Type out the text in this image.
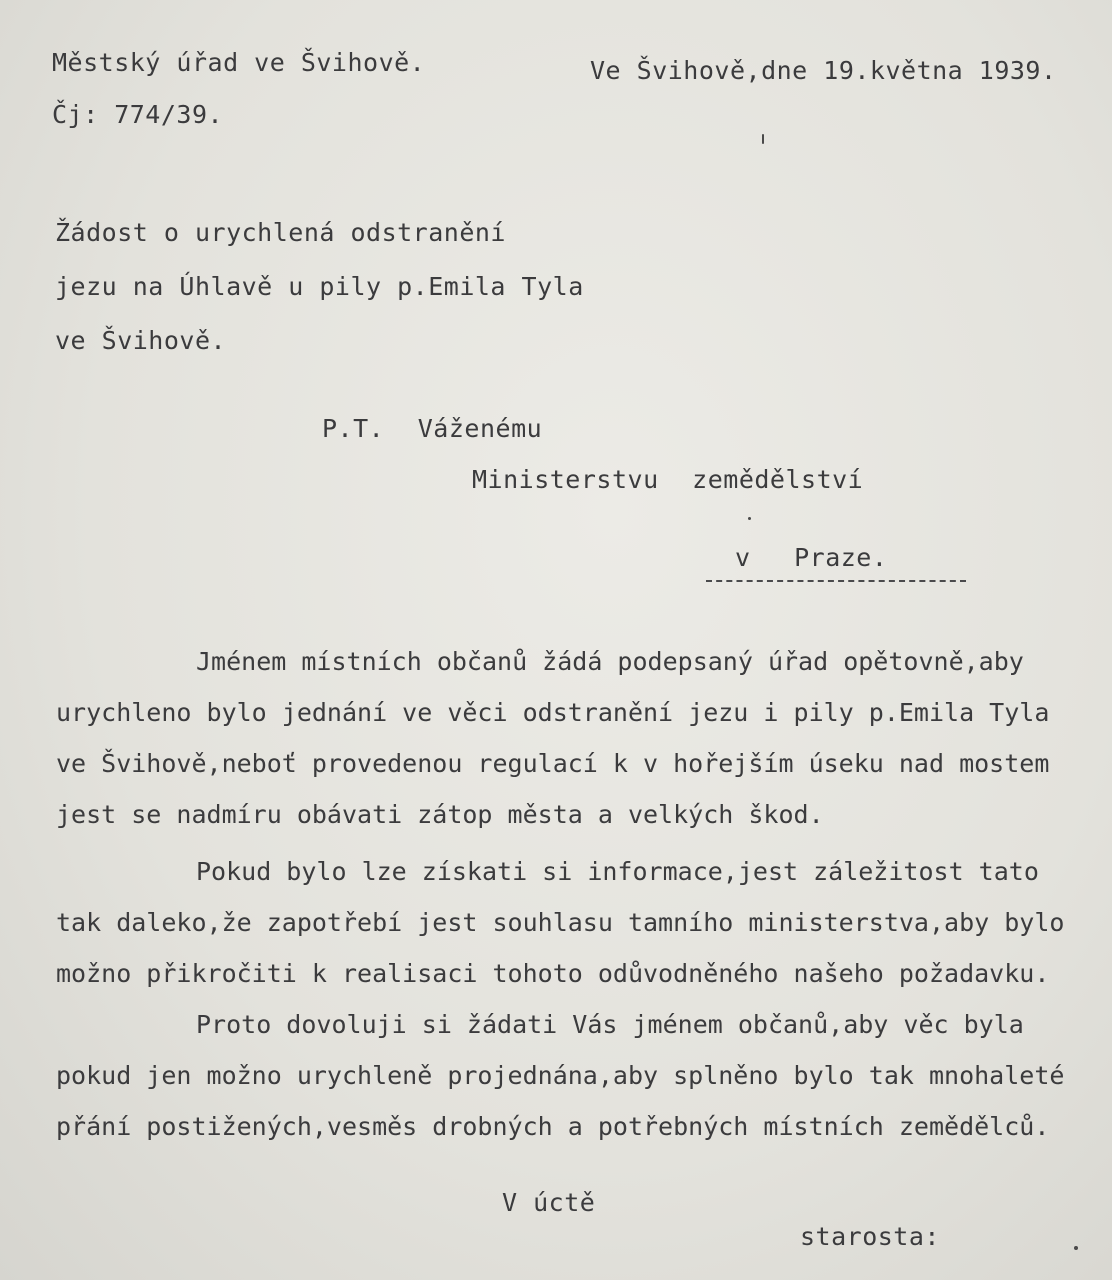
Městský úřad ve Švihově.
Čj: 774/39.
Ve Švihově,dne 19.května 1939.
Žádost o urychlená odstranění
jezu na Úhlavě u pily p.Emila Tyla
ve Švihově.
P.T. Váženému
Ministerstvu zemědělství
v Praze.
Jménem místních občanů žádá podepsaný úřad opětovně,aby
urychleno bylo jednání ve věci odstranění jezu i pily p.Emila Tyla
ve Švihově,neboť provedenou regulací k v hořejším úseku nad mostem
jest se nadmíru obávati zátop města a velkých škod.
Pokud bylo lze získati si informace,jest záležitost tato
tak daleko,že zapotřebí jest souhlasu tamního ministerstva,aby bylo
možno přikročiti k realisaci tohoto odůvodněného našeho požadavku.
Proto dovoluji si žádati Vás jménem občanů,aby věc byla
pokud jen možno urychleně projednána,aby splněno bylo tak mnohaleté
přání postižených,vesměs drobných a potřebných místních zemědělců.
V úctě
starosta:
